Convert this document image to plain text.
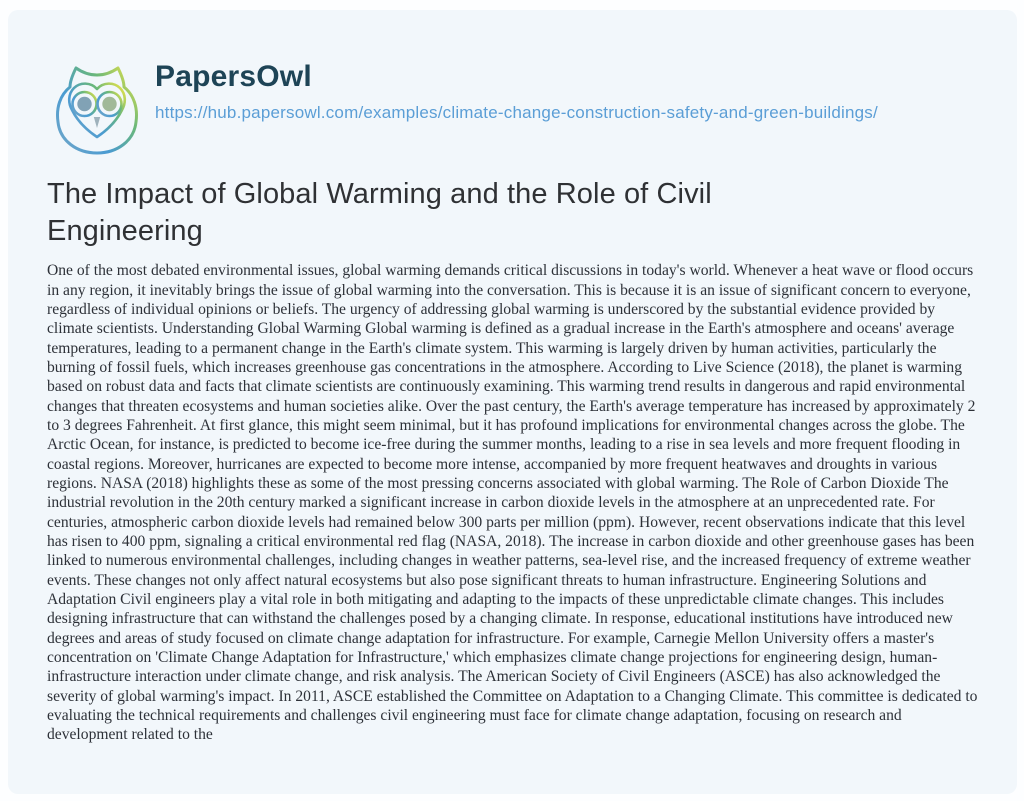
PapersOwl
https://hub.papersowl.com/examples/climate-change-construction-safety-and-green-buildings/
The Impact of Global Warming and the Role of Civil Engineering

One of the most debated environmental issues, global warming demands critical discussions in today's world. Whenever a heat wave or flood occurs in any region, it inevitably brings the issue of global warming into the conversation. This is because it is an issue of significant concern to everyone, regardless of individual opinions or beliefs. The urgency of addressing global warming is underscored by the substantial evidence provided by climate scientists. Understanding Global Warming Global warming is defined as a gradual increase in the Earth's atmosphere and oceans' average temperatures, leading to a permanent change in the Earth's climate system. This warming is largely driven by human activities, particularly the burning of fossil fuels, which increases greenhouse gas concentrations in the atmosphere. According to Live Science (2018), the planet is warming based on robust data and facts that climate scientists are continuously examining. This warming trend results in dangerous and rapid environmental changes that threaten ecosystems and human societies alike. Over the past century, the Earth's average temperature has increased by approximately 2 to 3 degrees Fahrenheit. At first glance, this might seem minimal, but it has profound implications for environmental changes across the globe. The Arctic Ocean, for instance, is predicted to become ice-free during the summer months, leading to a rise in sea levels and more frequent flooding in coastal regions. Moreover, hurricanes are expected to become more intense, accompanied by more frequent heatwaves and droughts in various regions. NASA (2018) highlights these as some of the most pressing concerns associated with global warming. The Role of Carbon Dioxide The industrial revolution in the 20th century marked a significant increase in carbon dioxide levels in the atmosphere at an unprecedented rate. For centuries, atmospheric carbon dioxide levels had remained below 300 parts per million (ppm). However, recent observations indicate that this level has risen to 400 ppm, signaling a critical environmental red flag (NASA, 2018). The increase in carbon dioxide and other greenhouse gases has been linked to numerous environmental challenges, including changes in weather patterns, sea-level rise, and the increased frequency of extreme weather events. These changes not only affect natural ecosystems but also pose significant threats to human infrastructure. Engineering Solutions and Adaptation Civil engineers play a vital role in both mitigating and adapting to the impacts of these unpredictable climate changes. This includes designing infrastructure that can withstand the challenges posed by a changing climate. In response, educational institutions have introduced new degrees and areas of study focused on climate change adaptation for infrastructure. For example, Carnegie Mellon University offers a master's concentration on 'Climate Change Adaptation for Infrastructure,' which emphasizes climate change projections for engineering design, human-infrastructure interaction under climate change, and risk analysis. The American Society of Civil Engineers (ASCE) has also acknowledged the severity of global warming's impact. In 2011, ASCE established the Committee on Adaptation to a Changing Climate. This committee is dedicated to evaluating the technical requirements and challenges civil engineering must face for climate change adaptation, focusing on research and development related to the
